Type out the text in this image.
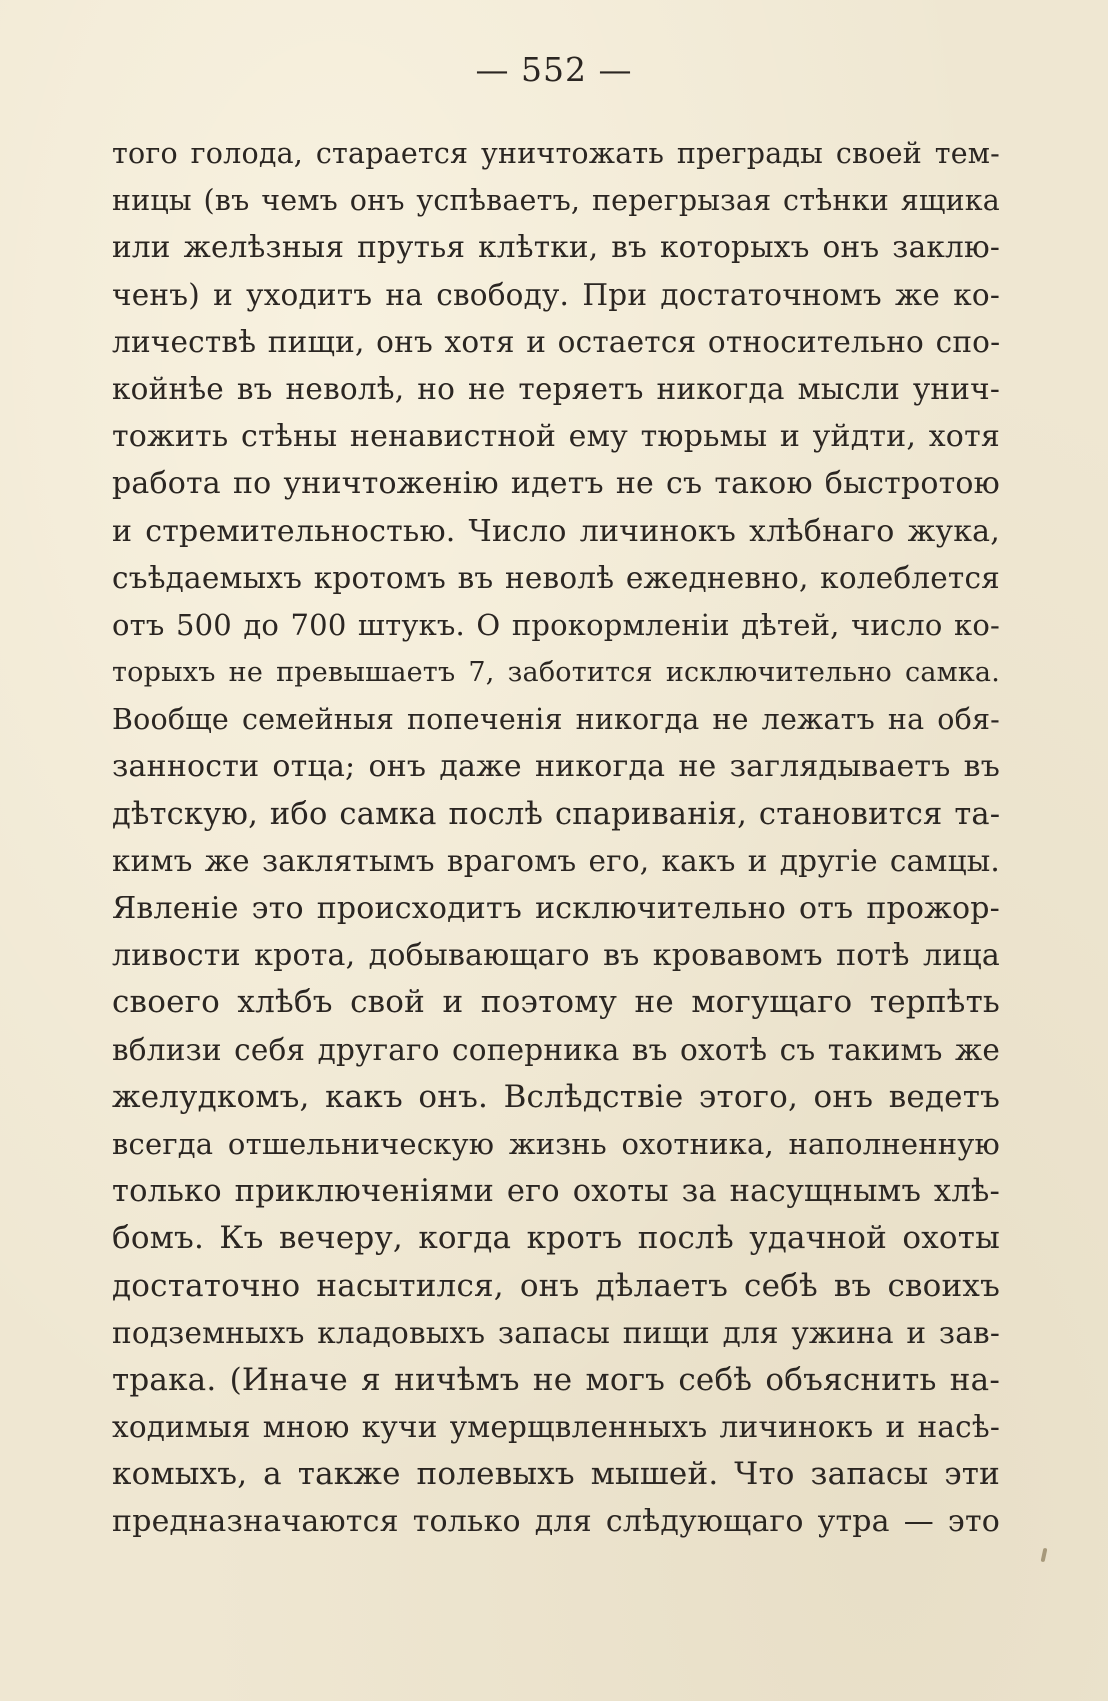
— 552 —
того голода, старается уничтожать преграды своей тем-
ницы (въ чемъ онъ успѣваетъ, перегрызая стѣнки ящика
или желѣзныя прутья клѣтки, въ которыхъ онъ заклю-
ченъ) и уходитъ на свободу. При достаточномъ же ко-
личествѣ пищи, онъ хотя и остается относительно спо-
койнѣе въ неволѣ, но не теряетъ никогда мысли унич-
тожить стѣны ненавистной ему тюрьмы и уйдти, хотя
работа по уничтоженію идетъ не съ такою быстротою
и стремительностью. Число личинокъ хлѣбнаго жука,
съѣдаемыхъ кротомъ въ неволѣ ежедневно, колеблется
отъ 500 до 700 штукъ. О прокормленіи дѣтей, число ко-
торыхъ не превышаетъ 7, заботится исключительно самка.
Вообще семейныя попеченія никогда не лежатъ на обя-
занности отца; онъ даже никогда не заглядываетъ въ
дѣтскую, ибо самка послѣ спариванія, становится та-
кимъ же заклятымъ врагомъ его, какъ и другіе самцы.
Явленіе это происходитъ исключительно отъ прожор-
ливости крота, добывающаго въ кровавомъ потѣ лица
своего хлѣбъ свой и поэтому не могущаго терпѣть
вблизи себя другаго соперника въ охотѣ съ такимъ же
желудкомъ, какъ онъ. Вслѣдствіе этого, онъ ведетъ
всегда отшельническую жизнь охотника, наполненную
только приключеніями его охоты за насущнымъ хлѣ-
бомъ. Къ вечеру, когда кротъ послѣ удачной охоты
достаточно насытился, онъ дѣлаетъ себѣ въ своихъ
подземныхъ кладовыхъ запасы пищи для ужина и зав-
трака. (Иначе я ничѣмъ не могъ себѣ объяснить на-
ходимыя мною кучи умерщвленныхъ личинокъ и насѣ-
комыхъ, а также полевыхъ мышей. Что запасы эти
предназначаются только для слѣдующаго утра — это
